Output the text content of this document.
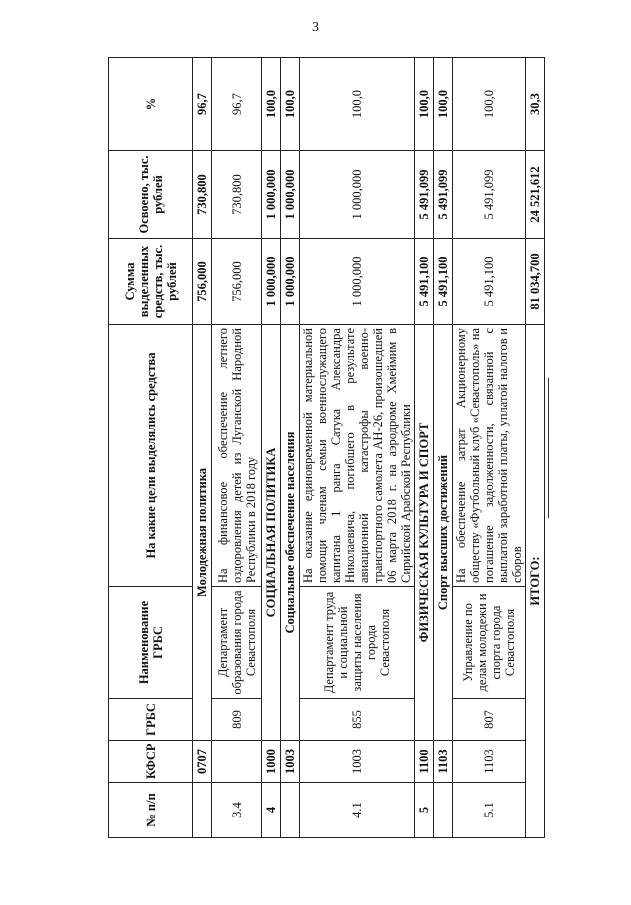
3
№ п/п	КФСР	ГРБС	Наименование ГРБС	На какие цели выделялись средства	Сумма выделенных средств, тыс. рублей	Освоено, тыс. рублей	%
	0707	Молодежная политика			756,000	730,800	96,7
3.4		809	Департамент образования города Севастополя	На финансовое обеспечение летнего оздоровления детей из Луганской Народной Республики в 2018 году	756,000	730,800	96,7
4	1000	СОЦИАЛЬНАЯ ПОЛИТИКА			1 000,000	1 000,000	100,0
	1003	Социальное обеспечение населения			1 000,000	1 000,000	100,0
4.1	1003	855	Департамент труда и социальной защиты населения города Севастополя	На оказание единовременной материальной помощи членам семьи военнослужащего капитана 1 ранга Сатука Александра Николаевича, погибшего в результате авиационной катастрофы военно-транспортного самолета АН-26, произошедшей 06 марта 2018 г. на аэродроме Хмеймим в Сирийской Арабской Республики	1 000,000	1 000,000	100,0
5	1100	ФИЗИЧЕСКАЯ КУЛЬТУРА И СПОРТ			5 491,100	5 491,099	100,0
	1103	Спорт высших достижений			5 491,100	5 491,099	100,0
5.1	1103	807	Управление по делам молодежи и спорта города Севастополя	На обеспечение затрат Акционерному обществу «Футбольный клуб «Севастополь» на погашение задолженности, связанной с выплатой заработной платы, уплатой налогов и сборов	5 491,100	5 491,099	100,0
ИТОГО:					81 034,700	24 521,612	30,3
